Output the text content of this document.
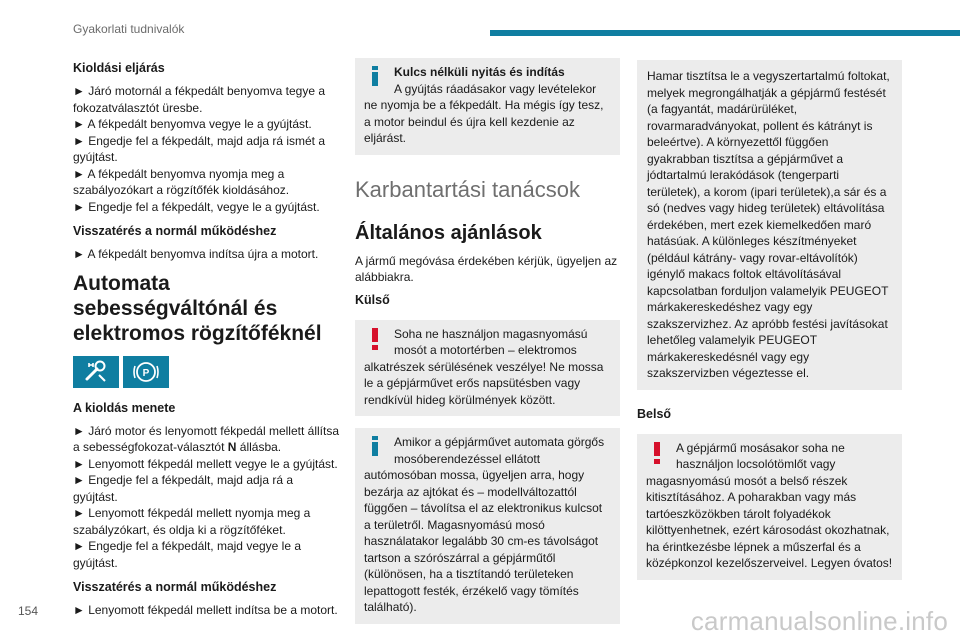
Gyakorlati tudnivalók
Kioldási eljárás
► Járó motornál a fékpedált benyomva tegye a fokozatválasztót üresbe.
► A fékpedált benyomva vegye le a gyújtást.
► Engedje fel a fékpedált, majd adja rá ismét a gyújtást.
► A fékpedált benyomva nyomja meg a szabályozókart a rögzítőfék kioldásához.
► Engedje fel a fékpedált, vegye le a gyújtást.
Visszatérés a normál működéshez
► A fékpedált benyomva indítsa újra a motort.
Automata sebességváltónál és elektromos rögzítőféknél
P
A kioldás menete
► Járó motor és lenyomott fékpedál mellett állítsa a sebességfokozat-választót N állásba.
► Lenyomott fékpedál mellett vegye le a gyújtást.
► Engedje fel a fékpedált, majd adja rá a gyújtást.
► Lenyomott fékpedál mellett nyomja meg a szabályzókart, és oldja ki a rögzítőféket.
► Engedje fel a fékpedált, majd vegye le a gyújtást.
Visszatérés a normál működéshez
► Lenyomott fékpedál mellett indítsa be a motort.
Kulcs nélküli nyitás és indítás
A gyújtás ráadásakor vagy levételekor
ne nyomja be a fékpedált. Ha mégis így tesz, a motor beindul és újra kell kezdenie az eljárást.
Karbantartási tanácsok
Általános ajánlások
A jármű megóvása érdekében kérjük, ügyeljen az alábbiakra.
Külső
Soha ne használjon magasnyomású mosót a motortérben – elektromos
alkatrészek sérülésének veszélye! Ne mossa le a gépjárművet erős napsütésben vagy rendkívül hideg körülmények között.
Amikor a gépjárművet automata görgős mosóberendezéssel ellátott
autómosóban mossa, ügyeljen arra, hogy bezárja az ajtókat és – modellváltozattól függően – távolítsa el az elektronikus kulcsot a területről. Magasnyomású mosó használatakor legalább 30 cm-es távolságot tartson a szórószárral a gépjárműtől (különösen, ha a tisztítandó területeken lepattogott festék, érzékelő vagy tömítés található).
Hamar tisztítsa le a vegyszertartalmú foltokat, melyek megrongálhatják a gépjármű festését (a fagyantát, madárürüléket, rovarmaradványokat, pollent és kátrányt is beleértve). A környezettől függően gyakrabban tisztítsa a gépjárművet a jódtartalmú lerakódások (tengerparti területek), a korom (ipari területek),a sár és a só (nedves vagy hideg területek) eltávolítása érdekében, mert ezek kiemelkedően maró hatásúak. A különleges készítményeket (például kátrány- vagy rovar-eltávolítók) igénylő makacs foltok eltávolításával kapcsolatban forduljon valamelyik PEUGEOT márkakereskedéshez vagy egy szakszervizhez. Az apróbb festési javításokat lehetőleg valamelyik PEUGEOT márkakereskedésnél vagy egy szakszervizben végeztesse el.
Belső
A gépjármű mosásakor soha ne használjon locsolótömlőt vagy
magasnyomású mosót a belső részek kitisztításához. A poharakban vagy más tartóeszközökben tárolt folyadékok kilöttyenhetnek, ezért károsodást okozhatnak, ha érintkezésbe lépnek a műszerfal és a középkonzol kezelőszerveivel. Legyen óvatos!
154	carmanualsonline.info
